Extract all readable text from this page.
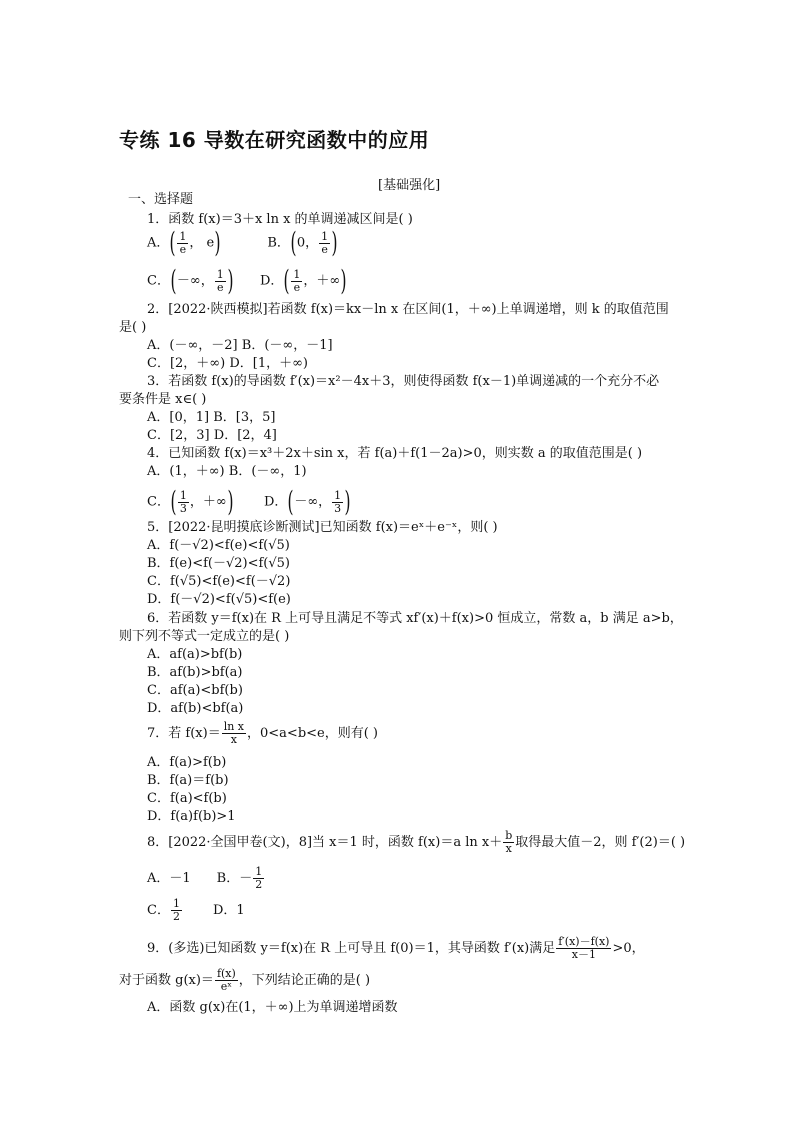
专练 16 导数在研究函数中的应用
[基础强化]
一、选择题
1．函数 f(x)＝3＋x ln x 的单调递减区间是( )
A．( $\frac{1}{e}$ ， e)	B．(0， $\frac{1}{e}$ )
C．(－∞， $\frac{1}{e}$ ) D．( $\frac{1}{e}$ ，＋∞)
2．[2022·陕西模拟]若函数 f(x)＝kx－ln x 在区间(1，＋∞)上单调递增，则 k 的取值范围
是( )
A．(－∞，－2] B．(－∞，－1]
C．[2，＋∞) D．[1，＋∞)
3．若函数 f(x)的导函数 f′(x)＝x²－4x＋3，则使得函数 f(x－1)单调递减的一个充分不必
要条件是 x∈( )
A．[0，1] B．[3，5]
C．[2，3] D．[2，4]
4．已知函数 f(x)＝x³＋2x＋sin x，若 f(a)＋f(1－2a)>0，则实数 a 的取值范围是( )
A．(1，＋∞) B．(－∞，1)
C．( $\frac{1}{3}$ ，＋∞) D．(－∞， $\frac{1}{3}$ )
5．[2022·昆明摸底诊断测试]已知函数 f(x)＝eˣ＋e⁻ˣ，则( )
A．f(－√2)<f(e)<f(√5)
B．f(e)<f(－√2)<f(√5)
C．f(√5)<f(e)<f(－√2)
D．f(－√2)<f(√5)<f(e)
6．若函数 y＝f(x)在 R 上可导且满足不等式 xf′(x)＋f(x)>0 恒成立，常数 a，b 满足 a>b，
则下列不等式一定成立的是( )
A．af(a)>bf(b)
B．af(b)>bf(a)
C．af(a)<bf(b)
D．af(b)<bf(a)
7．若 $f(x)= \frac{\text{ln x}}{x}$ ，0<a<b<e，则有( )
A．f(a)>f(b)
B．f(a)＝f(b)
C．f(a)<f(b)
D．f(a)f(b)>1
8．[2022·全国甲卷(文)，8]当 x＝1 时，函数 f(x)＝a $\ln x+ \frac{b}{x}$ 取得最大值－2，则 f′(2)＝( )
A．－1 B．－ $\frac{1}{2}$
C． $\frac{1}{2}$ D．1
9．(多选)已知函数 y＝f(x)在 R 上可导且 f(0)＝1，其导函数 f′(x)满足 $\frac{f'(x)-f(x)}{x-1} >0$，
对于函数 $g(x)= \frac{f(x)}{\text{eˣ}}$ ，下列结论正确的是( )
A．函数 g(x)在(1，＋∞)上为单调递增函数
